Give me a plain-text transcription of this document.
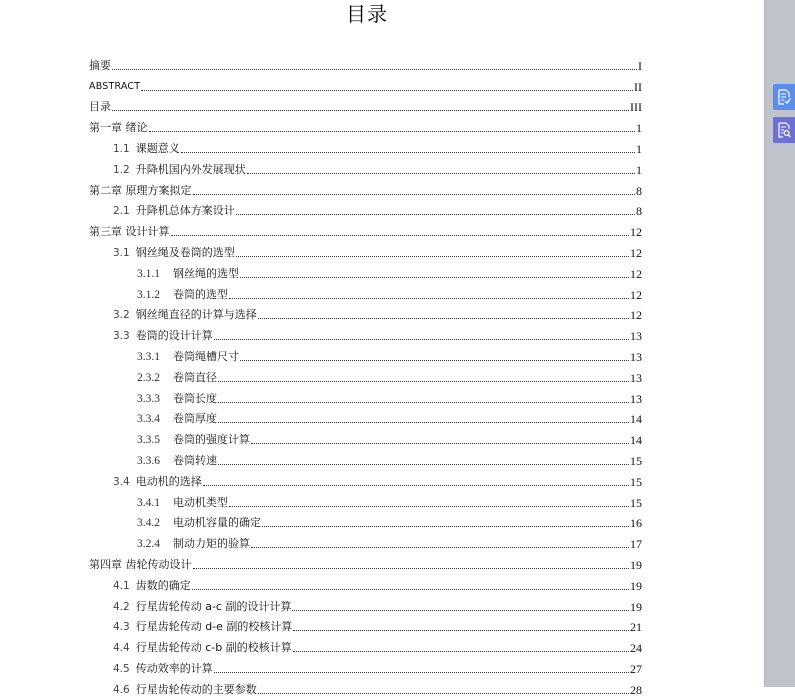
目录
摘要	I
ABSTRACT	II
目录	III
第一章 绪论	1
1.1 课题意义	1
1.2 升降机国内外发展现状	1
第二章 原理方案拟定	8
2.1 升降机总体方案设计	8
第三章 设计计算	12
3.1 钢丝绳及卷筒的选型	12
3.1.1	钢丝绳的选型	12
3.1.2	卷筒的选型	12
3.2 钢丝绳直径的计算与选择	12
3.3 卷筒的设计计算	13
3.3.1	卷筒绳槽尺寸	13
2.3.2	卷筒直径	13
3.3.3	卷筒长度	13
3.3.4	卷筒厚度	14
3.3.5	卷筒的强度计算	14
3.3.6	卷筒转速	15
3.4 电动机的选择	15
3.4.1	电动机类型	15
3.4.2	电动机容量的确定	16
3.2.4	制动力矩的验算	17
第四章 齿轮传动设计	19
4.1 齿数的确定	19
4.2 行星齿轮传动 a-c 副的设计计算	19
4.3 行星齿轮传动 d-e 副的校核计算	21
4.4 行星齿轮传动 c-b 副的校核计算	24
4.5 传动效率的计算	27
4.6 行星齿轮传动的主要参数	28
